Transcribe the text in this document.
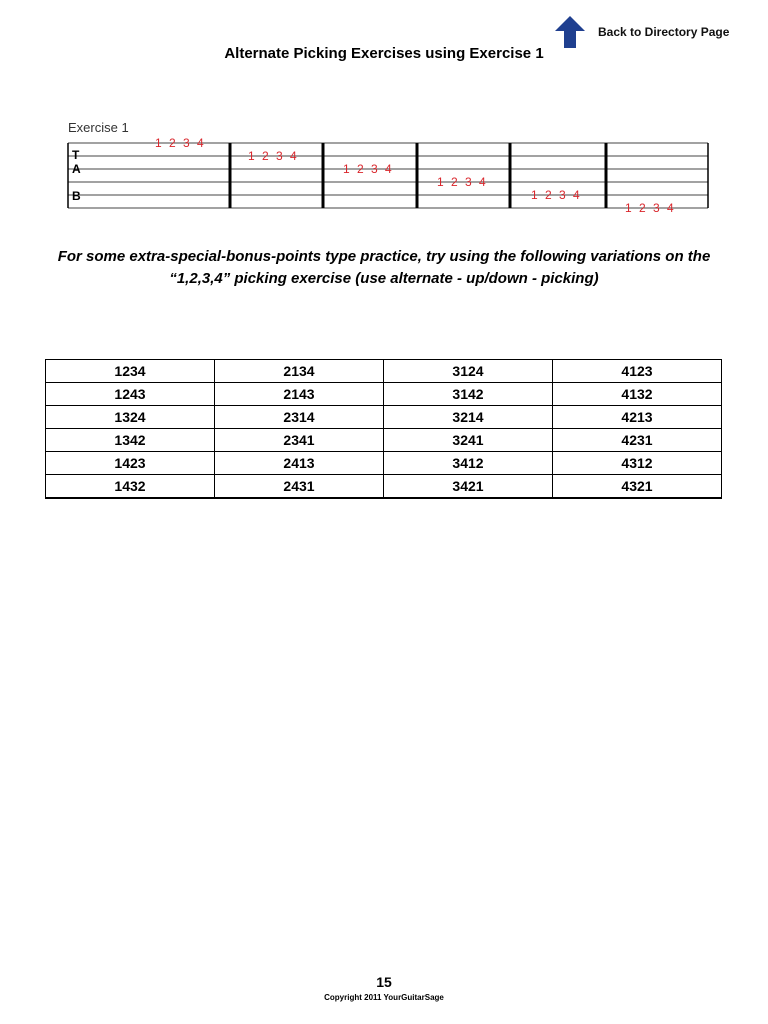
Back to Directory Page
Alternate Picking Exercises using Exercise 1
Exercise 1
T
A
B
1 2 3 4
1 2 3 4
1 2 3 4
1 2 3 4
1 2 3 4
1 2 3 4
For some extra-special-bonus-points type practice, try using the following variations on the
“1,2,3,4” picking exercise (use alternate - up/down - picking)
1234	2134	3124	4123
1243	2143	3142	4132
1324	2314	3214	4213
1342	2341	3241	4231
1423	2413	3412	4312
1432	2431	3421	4321
15
Copyright 2011 YourGuitarSage
